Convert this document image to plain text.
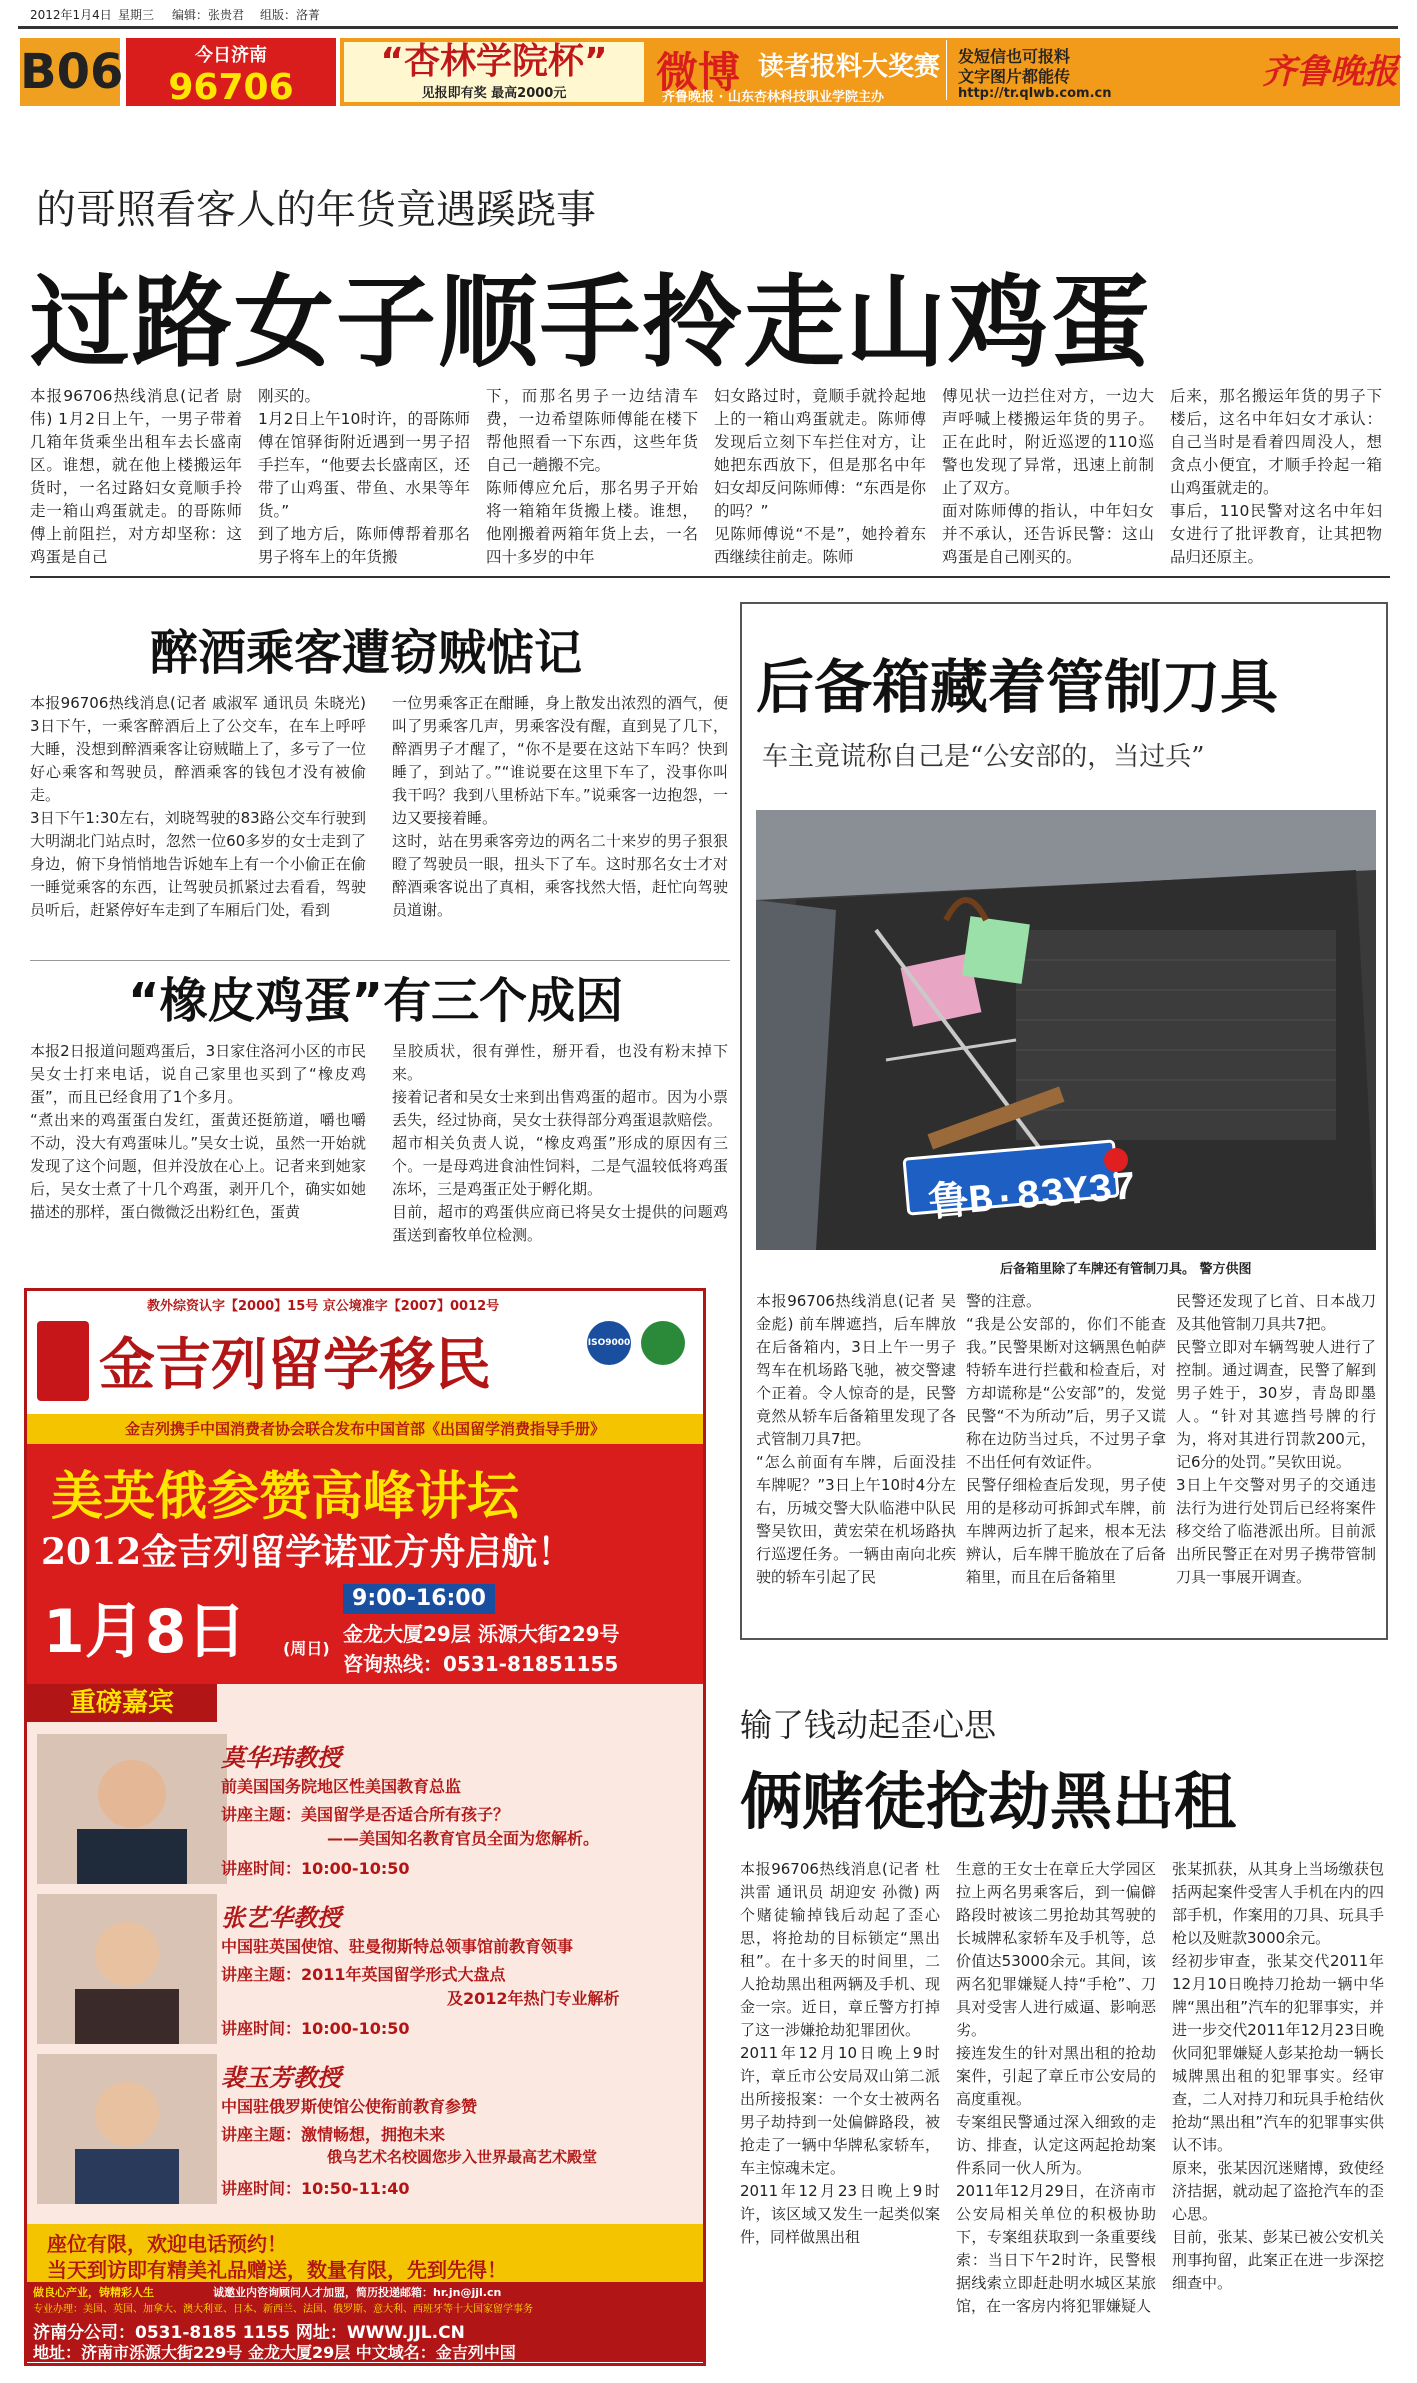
2012年1月4日 星期三 编辑：张贵君 组版：洛菁
B06	今日济南
96706
“杏林学院杯”
见报即有奖 最高2000元	微博 读者报料大奖赛
齐鲁晚报 · 山东杏林科技职业学院主办
发短信也可报料
文字图片都能传
http://tr.qlwb.com.cn
齐鲁晚报
的哥照看客人的年货竟遇蹊跷事
过路女子顺手拎走山鸡蛋
本报96706热线消息(记者 尉伟) 1月2日上午，一男子带着几箱年货乘坐出租车去长盛南区。谁想，就在他上楼搬运年货时，一名过路妇女竟顺手拎走一箱山鸡蛋就走。的哥陈师傅上前阻拦，对方却坚称：这鸡蛋是自己
刚买的。
1月2日上午10时许，的哥陈师傅在馆驿街附近遇到一男子招手拦车，“他要去长盛南区，还带了山鸡蛋、带鱼、水果等年货。”
到了地方后，陈师傅帮着那名男子将车上的年货搬
下，而那名男子一边结清车费，一边希望陈师傅能在楼下帮他照看一下东西，这些年货自己一趟搬不完。
陈师傅应允后，那名男子开始将一箱箱年货搬上楼。谁想，他刚搬着两箱年货上去，一名四十多岁的中年
妇女路过时，竟顺手就拎起地上的一箱山鸡蛋就走。陈师傅发现后立刻下车拦住对方，让她把东西放下，但是那名中年妇女却反问陈师傅：“东西是你的吗？”
见陈师傅说“不是”，她拎着东西继续往前走。陈师
傅见状一边拦住对方，一边大声呼喊上楼搬运年货的男子。正在此时，附近巡逻的110巡警也发现了异常，迅速上前制止了双方。
面对陈师傅的指认，中年妇女并不承认，还告诉民警：这山鸡蛋是自己刚买的。
后来，那名搬运年货的男子下楼后，这名中年妇女才承认：自己当时是看着四周没人，想贪点小便宜，才顺手拎起一箱山鸡蛋就走的。
事后，110民警对这名中年妇女进行了批评教育，让其把物品归还原主。
醉酒乘客遭窃贼惦记
本报96706热线消息(记者 戚淑军 通讯员 朱晓光) 3日下午，一乘客醉酒后上了公交车，在车上呼呼大睡，没想到醉酒乘客让窃贼瞄上了，多亏了一位好心乘客和驾驶员，醉酒乘客的钱包才没有被偷走。
3日下午1:30左右，刘晓驾驶的83路公交车行驶到大明湖北门站点时，忽然一位60多岁的女士走到了身边，俯下身悄悄地告诉她车上有一个小偷正在偷一睡觉乘客的东西，让驾驶员抓紧过去看看，驾驶员听后，赶紧停好车走到了车厢后门处，看到
一位男乘客正在酣睡，身上散发出浓烈的酒气，便叫了男乘客几声，男乘客没有醒，直到晃了几下，醉酒男子才醒了，“你不是要在这站下车吗？快到睡了，到站了。”“谁说要在这里下车了，没事你叫我干吗？我到八里桥站下车。”说乘客一边抱怨，一边又要接着睡。
这时，站在男乘客旁边的两名二十来岁的男子狠狠瞪了驾驶员一眼，扭头下了车。这时那名女士才对醉酒乘客说出了真相，乘客找然大悟，赶忙向驾驶员道谢。
“橡皮鸡蛋”有三个成因
本报2日报道问题鸡蛋后，3日家住洛河小区的市民吴女士打来电话，说自己家里也买到了“橡皮鸡蛋”，而且已经食用了1个多月。
“煮出来的鸡蛋蛋白发红，蛋黄还挺筋道，嚼也嚼不动，没大有鸡蛋味儿。”吴女士说，虽然一开始就发现了这个问题，但并没放在心上。记者来到她家后，吴女士煮了十几个鸡蛋，剥开几个，确实如她描述的那样，蛋白微微泛出粉红色，蛋黄
呈胶质状，很有弹性，掰开看，也没有粉末掉下来。
接着记者和吴女士来到出售鸡蛋的超市。因为小票丢失，经过协商，吴女士获得部分鸡蛋退款赔偿。
超市相关负责人说，“橡皮鸡蛋”形成的原因有三个。一是母鸡进食油性饲料，二是气温较低将鸡蛋冻坏，三是鸡蛋正处于孵化期。
目前，超市的鸡蛋供应商已将吴女士提供的问题鸡蛋送到畜牧单位检测。
后备箱藏着管制刀具
车主竟谎称自己是“公安部的，当过兵”
鲁B·83Y37
后备箱里除了车牌还有管制刀具。 警方供图
本报96706热线消息(记者 吴金彪) 前车牌遮挡，后车牌放在后备箱内，3日上午一男子驾车在机场路飞驰，被交警逮个正着。令人惊奇的是，民警竟然从轿车后备箱里发现了各式管制刀具7把。
“怎么前面有车牌，后面没挂车牌呢？”3日上午10时4分左右，历城交警大队临港中队民警吴钦田，黄宏荣在机场路执行巡逻任务。一辆由南向北疾驶的轿车引起了民
警的注意。
“我是公安部的，你们不能查我。”民警果断对这辆黑色帕萨特轿车进行拦截和检查后，对方却谎称是“公安部”的，发觉民警“不为所动”后，男子又谎称在边防当过兵，不过男子拿不出任何有效证件。
民警仔细检查后发现，男子使用的是移动可拆卸式车牌，前车牌两边折了起来，根本无法辨认，后车牌干脆放在了后备箱里，而且在后备箱里
民警还发现了匕首、日本战刀及其他管制刀具共7把。
民警立即对车辆驾驶人进行了控制。通过调查，民警了解到男子姓于，30岁，青岛即墨人。“针对其遮挡号牌的行为，将对其进行罚款200元，记6分的处罚。”吴钦田说。
3日上午交警对男子的交通违法行为进行处罚后已经将案件移交给了临港派出所。目前派出所民警正在对男子携带管制刀具一事展开调查。
输了钱动起歪心思
俩赌徒抢劫黑出租
本报96706热线消息(记者 杜洪雷 通讯员 胡迎安 孙微) 两个赌徒输掉钱后动起了歪心思，将抢劫的目标锁定“黑出租”。在十多天的时间里，二人抢劫黑出租两辆及手机、现金一宗。近日，章丘警方打掉了这一涉嫌抢劫犯罪团伙。
2011年12月10日晚上9时许，章丘市公安局双山第二派出所接报案：一个女士被两名男子劫持到一处偏僻路段，被抢走了一辆中华牌私家轿车，车主惊魂未定。
2011年12月23日晚上9时许，该区域又发生一起类似案件，同样做黑出租
生意的王女士在章丘大学园区拉上两名男乘客后，到一偏僻路段时被该二男抢劫其驾驶的长城牌私家轿车及手机等，总价值达53000余元。其间，该两名犯罪嫌疑人持“手枪”、刀具对受害人进行威逼、影响恶劣。
接连发生的针对黑出租的抢劫案件，引起了章丘市公安局的高度重视。
专案组民警通过深入细致的走访、排查，认定这两起抢劫案件系同一伙人所为。
2011年12月29日，在济南市公安局相关单位的积极协助下，专案组获取到一条重要线索：当日下午2时许，民警根据线索立即赶赴明水城区某旅馆，在一客房内将犯罪嫌疑人
张某抓获，从其身上当场缴获包括两起案件受害人手机在内的四部手机，作案用的刀具、玩具手枪以及赃款3000余元。
经初步审查，张某交代2011年12月10日晚持刀抢劫一辆中华牌“黑出租”汽车的犯罪事实，并进一步交代2011年12月23日晚伙同犯罪嫌疑人彭某抢劫一辆长城牌黑出租的犯罪事实。经审查，二人对持刀和玩具手枪结伙抢劫“黑出租”汽车的犯罪事实供认不讳。
原来，张某因沉迷赌博，致使经济拮据，就动起了盗抢汽车的歪心思。
目前，张某、彭某已被公安机关刑事拘留，此案正在进一步深挖细查中。
教外综资认字【2000】15号 京公境准字【2007】0012号
金吉列留学移民	ISO9000
金吉列携手中国消费者协会联合发布中国首部《出国留学消费指导手册》
美英俄参赞高峰讲坛
2012金吉列留学诺亚方舟启航！
1月8日 (周日)
9:00-16:00
金龙大厦29层 泺源大街229号
咨询热线：0531-81851155
重磅嘉宾
莫华玮教授
前美国国务院地区性美国教育总监
讲座主题：美国留学是否适合所有孩子？
——美国知名教育官员全面为您解析。
讲座时间：10:00-10:50
张艺华教授
中国驻英国使馆、驻曼彻斯特总领事馆前教育领事
讲座主题：2011年英国留学形式大盘点
及2012年热门专业解析
讲座时间：10:00-10:50
裴玉芳教授
中国驻俄罗斯使馆公使衔前教育参赞
讲座主题：激情畅想，拥抱未来
俄乌艺术名校圆您步入世界最高艺术殿堂
讲座时间：10:50-11:40
座位有限，欢迎电话预约！
当天到访即有精美礼品赠送，数量有限，先到先得！
做良心产业，铸精彩人生	诚邀业内咨询顾问人才加盟，简历投递邮箱：hr.jn@jjl.cn
专业办理：美国、英国、加拿大、澳大利亚、日本、新西兰、法国、俄罗斯、意大利、西班牙等十大国家留学事务
济南分公司：0531-8185 1155 网址：WWW.JJL.CN
地址：济南市泺源大街229号 金龙大厦29层 中文域名：金吉列中国
